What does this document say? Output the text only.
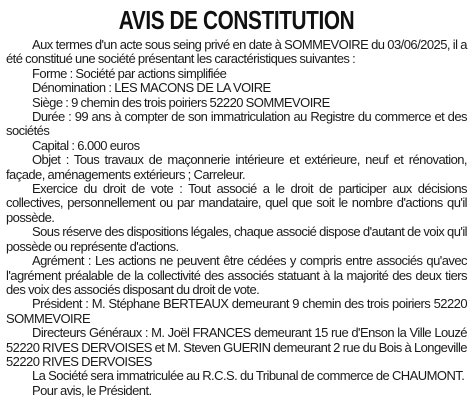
AVIS DE CONSTITUTION

Aux termes d'un acte sous seing privé en date à SOMMEVOIRE du 03/06/2025, il a été constitué une société présentant les caractéristiques suivantes :

Forme : Société par actions simplifiée

Dénomination : LES MACONS DE LA VOIRE

Siège : 9 chemin des trois poiriers 52220 SOMMEVOIRE

Durée : 99 ans à compter de son immatriculation au Registre du commerce et des sociétés

Capital : 6.000 euros

Objet : Tous travaux de maçonnerie intérieure et extérieure, neuf et rénovation, façade, aménagements extérieurs ; Carreleur.

Exercice du droit de vote : Tout associé a le droit de participer aux décisions collectives, personnellement ou par mandataire, quel que soit le nombre d'actions qu'il possède.

Sous réserve des dispositions légales, chaque associé dispose d'autant de voix qu'il possède ou représente d'actions.

Agrément : Les actions ne peuvent être cédées y compris entre associés qu'avec l'agrément préalable de la collectivité des associés statuant à la majorité des deux tiers des voix des associés disposant du droit de vote.

Président : M. Stéphane BERTEAUX demeurant 9 chemin des trois poiriers 52220 SOMMEVOIRE

Directeurs Généraux : M. Joël FRANCES demeurant 15 rue d'Enson la Ville Louzé 52220 RIVES DERVOISES et M. Steven GUERIN demeurant 2 rue du Bois à Longeville 52220 RIVES DERVOISES

La Société sera immatriculée au R.C.S. du Tribunal de commerce de CHAUMONT.

Pour avis, le Président.
